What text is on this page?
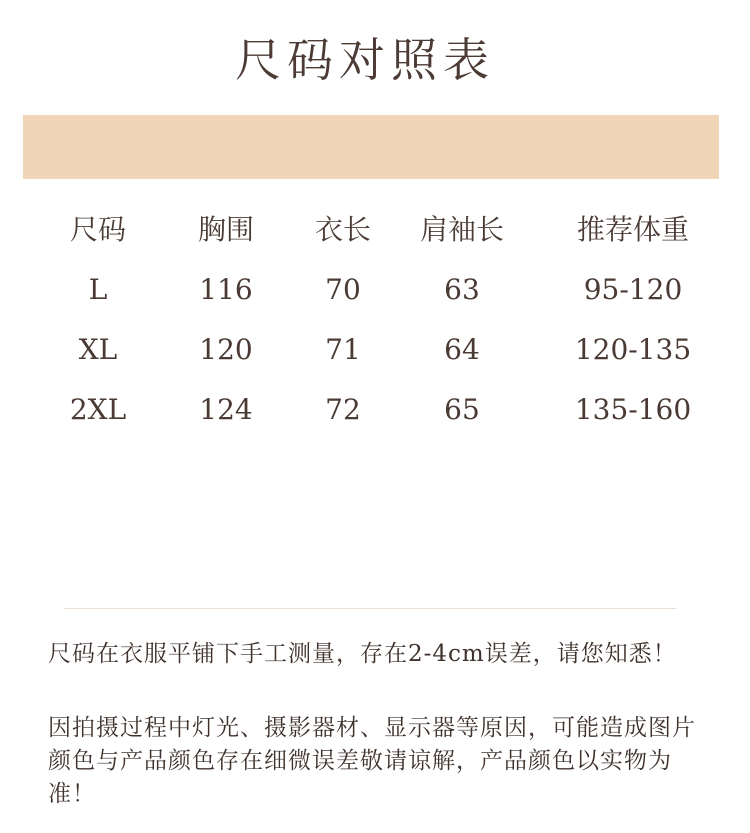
尺码对照表
尺码	胸围	衣长	肩袖长	推荐体重
L	116	70	63	95-120
XL	120	71	64	120-135
2XL	124	72	65	135-160
尺码在衣服平铺下手工测量，存在2-4cm误差，请您知悉！
因拍摄过程中灯光、摄影器材、显示器等原因，可能造成图片颜色与产品颜色存在细微误差敬请谅解，产品颜色以实物为准！
